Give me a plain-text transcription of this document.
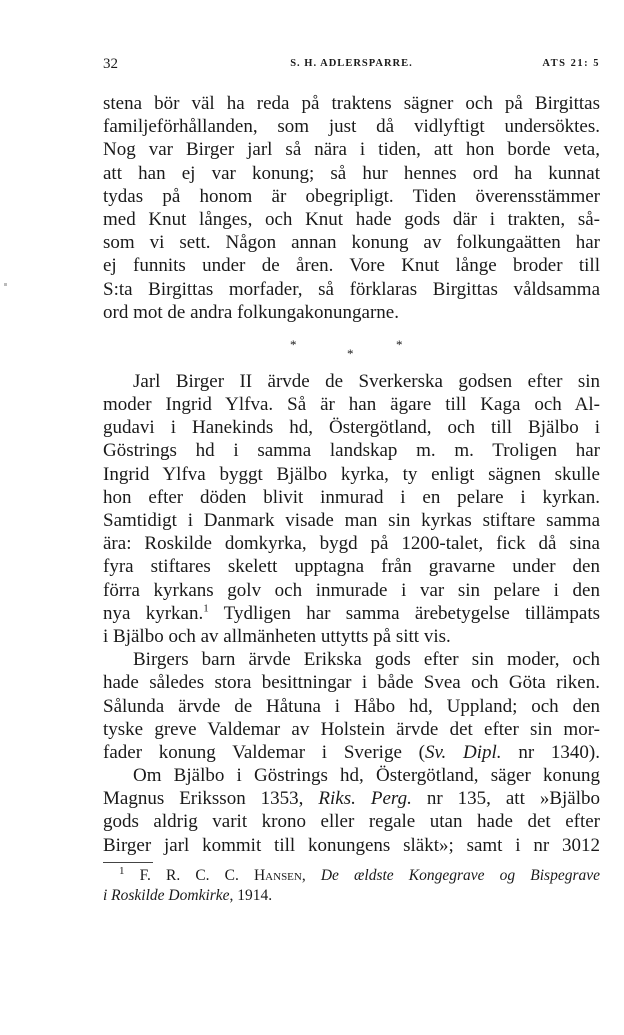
32	S. H. ADLERSPARRE.	ATS 21: 5

stena bör väl ha reda på traktens sägner och på Birgittas
familjeförhållanden, som just då vidlyftigt undersöktes.
Nog var Birger jarl så nära i tiden, att hon borde veta,
att han ej var konung; så hur hennes ord ha kunnat
tydas på honom är obegripligt. Tiden överensstämmer
med Knut långes, och Knut hade gods där i trakten, så-
som vi sett. Någon annan konung av folkungaätten har
ej funnits under de åren. Vore Knut långe broder till
S:ta Birgittas morfader, så förklaras Birgittas våldsamma
ord mot de andra folkungakonungarne.

*
*
*

Jarl Birger II ärvde de Sverkerska godsen efter sin
moder Ingrid Ylfva. Så är han ägare till Kaga och Al-
gudavi i Hanekinds hd, Östergötland, och till Bjälbo i
Göstrings hd i samma landskap m. m. Troligen har
Ingrid Ylfva byggt Bjälbo kyrka, ty enligt sägnen skulle
hon efter döden blivit inmurad i en pelare i kyrkan.
Samtidigt i Danmark visade man sin kyrkas stiftare samma
ära: Roskilde domkyrka, bygd på 1200-talet, fick då sina
fyra stiftares skelett upptagna från gravarne under den
förra kyrkans golv och inmurade i var sin pelare i den
nya kyrkan.$^1$ Tydligen har samma ärebetygelse tillämpats
i Bjälbo och av allmänheten uttytts på sitt vis.

Birgers barn ärvde Erikska gods efter sin moder, och
hade således stora besittningar i både Svea och Göta riken.
Sålunda ärvde de Håtuna i Håbo hd, Uppland; och den
tyske greve Valdemar av Holstein ärvde det efter sin mor-
fader konung Valdemar i Sverige (Sv. Dipl. nr 1340).

Om Bjälbo i Göstrings hd, Östergötland, säger konung
Magnus Eriksson 1353, Riks. Perg. nr 135, att »Bjälbo
gods aldrig varit krono eller regale utan hade det efter
Birger jarl kommit till konungens släkt»; samt i nr 3012

$^1$ F. R. C. C. Hansen, De ældste Kongegrave og Bispegrave
i Roskilde Domkirke, 1914.
